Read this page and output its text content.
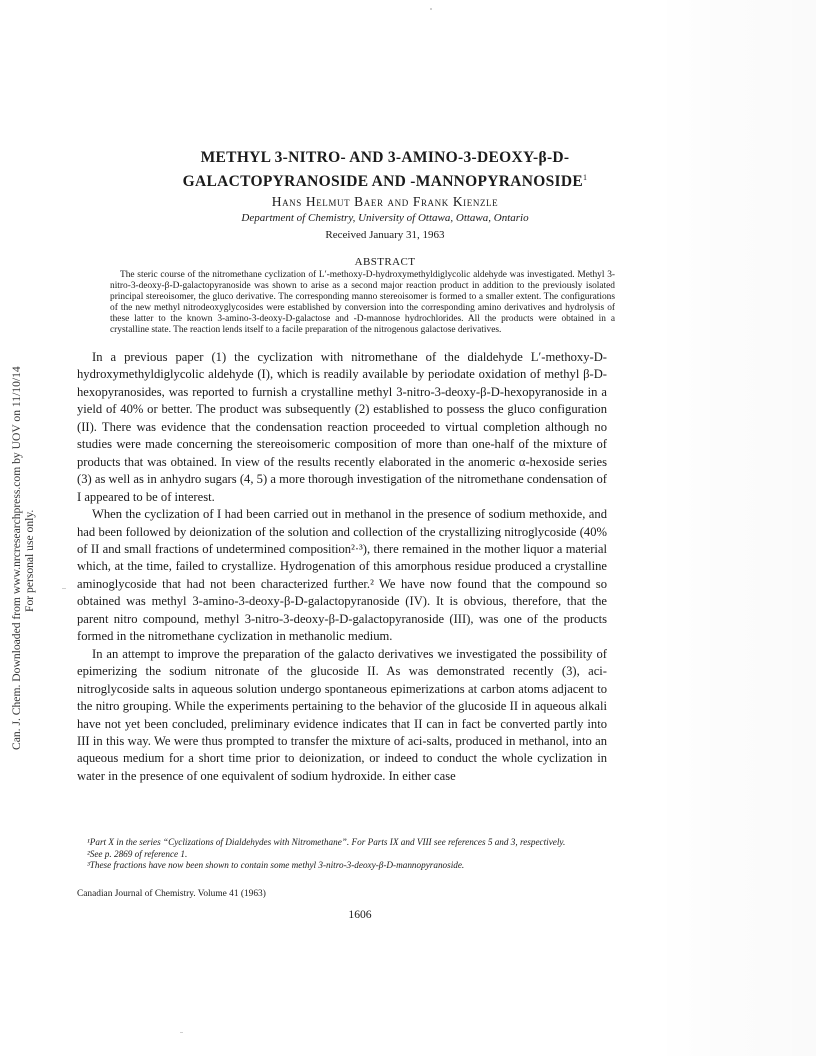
Can. J. Chem. Downloaded from www.nrcresearchpress.com by UOV on 11/10/14 For personal use only.
METHYL 3-NITRO- AND 3-AMINO-3-DEOXY-β-D-
GALACTOPYRANOSIDE AND -MANNOPYRANOSIDE$^1$
Hans Helmut Baer and Frank Kienzle
Department of Chemistry, University of Ottawa, Ottawa, Ontario
Received January 31, 1963
ABSTRACT
The steric course of the nitromethane cyclization of L′-methoxy-D-hydroxymethyldiglycolic aldehyde was investigated. Methyl 3-nitro-3-deoxy-β-D-galactopyranoside was shown to arise as a second major reaction product in addition to the previously isolated principal stereoisomer, the gluco derivative. The corresponding manno stereoisomer is formed to a smaller extent. The configurations of the new methyl nitrodeoxyglycosides were established by conversion into the corresponding amino derivatives and hydrolysis of these latter to the known 3-amino-3-deoxy-D-galactose and -D-mannose hydrochlorides. All the products were obtained in a crystalline state. The reaction lends itself to a facile preparation of the nitrogenous galactose derivatives.

In a previous paper (1) the cyclization with nitromethane of the dialdehyde L′-methoxy-D-hydroxymethyldiglycolic aldehyde (I), which is readily available by periodate oxidation of methyl β-D-hexopyranosides, was reported to furnish a crystalline methyl 3-nitro-3-deoxy-β-D-hexopyranoside in a yield of 40% or better. The product was subsequently (2) established to possess the gluco configuration (II). There was evidence that the condensation reaction proceeded to virtual completion although no studies were made concerning the stereoisomeric composition of more than one-half of the mixture of products that was obtained. In view of the results recently elaborated in the anomeric α-hexoside series (3) as well as in anhydro sugars (4, 5) a more thorough investigation of the nitromethane condensation of I appeared to be of interest.

When the cyclization of I had been carried out in methanol in the presence of sodium methoxide, and had been followed by deionization of the solution and collection of the crystallizing nitroglycoside (40% of II and small fractions of undetermined composition²·³), there remained in the mother liquor a material which, at the time, failed to crystallize. Hydrogenation of this amorphous residue produced a crystalline aminoglycoside that had not been characterized further.² We have now found that the compound so obtained was methyl 3-amino-3-deoxy-β-D-galactopyranoside (IV). It is obvious, therefore, that the parent nitro compound, methyl 3-nitro-3-deoxy-β-D-galactopyranoside (III), was one of the products formed in the nitromethane cyclization in methanolic medium.

In an attempt to improve the preparation of the galacto derivatives we investigated the possibility of epimerizing the sodium nitronate of the glucoside II. As was demonstrated recently (3), aci-nitroglycoside salts in aqueous solution undergo spontaneous epimerizations at carbon atoms adjacent to the nitro grouping. While the experiments pertaining to the behavior of the glucoside II in aqueous alkali have not yet been concluded, preliminary evidence indicates that II can in fact be converted partly into III in this way. We were thus prompted to transfer the mixture of aci-salts, produced in methanol, into an aqueous medium for a short time prior to deionization, or indeed to conduct the whole cyclization in water in the presence of one equivalent of sodium hydroxide. In either case

¹Part X in the series “Cyclizations of Dialdehydes with Nitromethane”. For Parts IX and VIII see references 5 and 3, respectively.
²See p. 2869 of reference 1.
³These fractions have now been shown to contain some methyl 3-nitro-3-deoxy-β-D-mannopyranoside.
Canadian Journal of Chemistry. Volume 41 (1963)
1606
